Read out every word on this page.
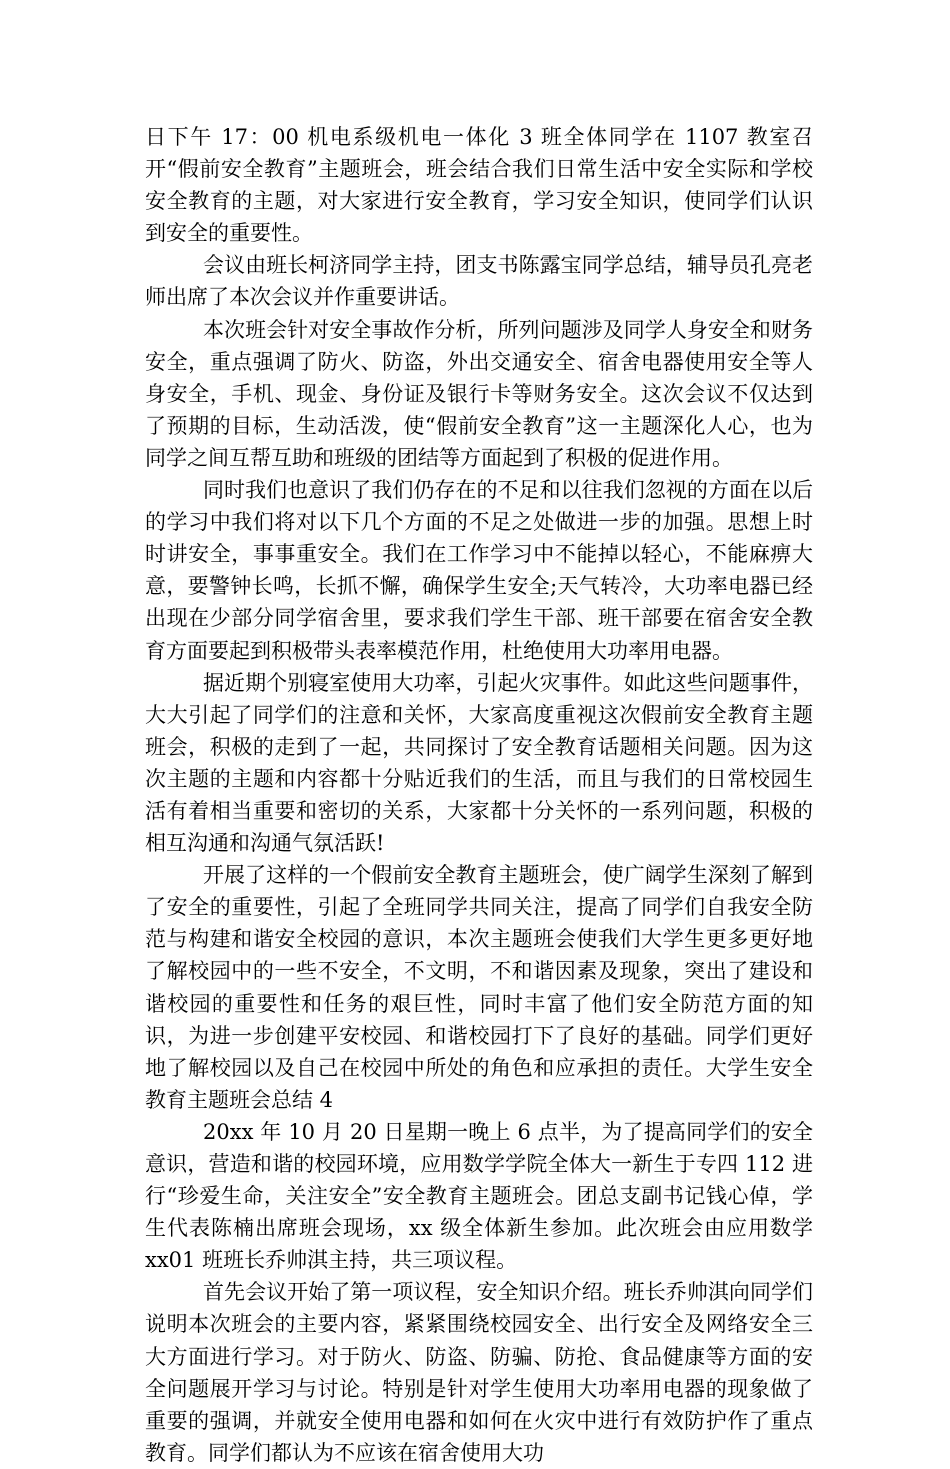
日下午 17：00 机电系级机电一体化 3 班全体同学在 1107 教室召开“假前安全教育”主题班会，班会结合我们日常生活中安全实际和学校安全教育的主题，对大家进行安全教育，学习安全知识，使同学们认识到安全的重要性。

会议由班长柯济同学主持，团支书陈露宝同学总结，辅导员孔亮老师出席了本次会议并作重要讲话。

本次班会针对安全事故作分析，所列问题涉及同学人身安全和财务安全，重点强调了防火、防盗，外出交通安全、宿舍电器使用安全等人身安全，手机、现金、身份证及银行卡等财务安全。这次会议不仅达到了预期的目标，生动活泼，使“假前安全教育”这一主题深化人心，也为同学之间互帮互助和班级的团结等方面起到了积极的促进作用。

同时我们也意识了我们仍存在的不足和以往我们忽视的方面在以后的学习中我们将对以下几个方面的不足之处做进一步的加强。思想上时时讲安全，事事重安全。我们在工作学习中不能掉以轻心，不能麻痹大意，要警钟长鸣，长抓不懈，确保学生安全;天气转冷，大功率电器已经出现在少部分同学宿舍里，要求我们学生干部、班干部要在宿舍安全教育方面要起到积极带头表率模范作用，杜绝使用大功率用电器。

据近期个别寝室使用大功率，引起火灾事件。如此这些问题事件，大大引起了同学们的注意和关怀，大家高度重视这次假前安全教育主题班会，积极的走到了一起，共同探讨了安全教育话题相关问题。因为这次主题的主题和内容都十分贴近我们的生活，而且与我们的日常校园生活有着相当重要和密切的关系，大家都十分关怀的一系列问题，积极的相互沟通和沟通气氛活跃!

开展了这样的一个假前安全教育主题班会，使广阔学生深刻了解到了安全的重要性，引起了全班同学共同关注，提高了同学们自我安全防范与构建和谐安全校园的意识，本次主题班会使我们大学生更多更好地了解校园中的一些不安全，不文明，不和谐因素及现象，突出了建设和谐校园的重要性和任务的艰巨性，同时丰富了他们安全防范方面的知识，为进一步创建平安校园、和谐校园打下了良好的基础。同学们更好地了解校园以及自己在校园中所处的角色和应承担的责任。大学生安全教育主题班会总结 4

20xx 年 10 月 20 日星期一晚上 6 点半，为了提高同学们的安全意识，营造和谐的校园环境，应用数学学院全体大一新生于专四 112 进行“珍爱生命，关注安全”安全教育主题班会。团总支副书记钱心倬，学生代表陈楠出席班会现场，xx 级全体新生参加。此次班会由应用数学 xx01 班班长乔帅淇主持，共三项议程。

首先会议开始了第一项议程，安全知识介绍。班长乔帅淇向同学们说明本次班会的主要内容，紧紧围绕校园安全、出行安全及网络安全三大方面进行学习。对于防火、防盗、防骗、防抢、食品健康等方面的安全问题展开学习与讨论。特别是针对学生使用大功率用电器的现象做了重要的强调，并就安全使用电器和如何在火灾中进行有效防护作了重点教育。同学们都认为不应该在宿舍使用大功
